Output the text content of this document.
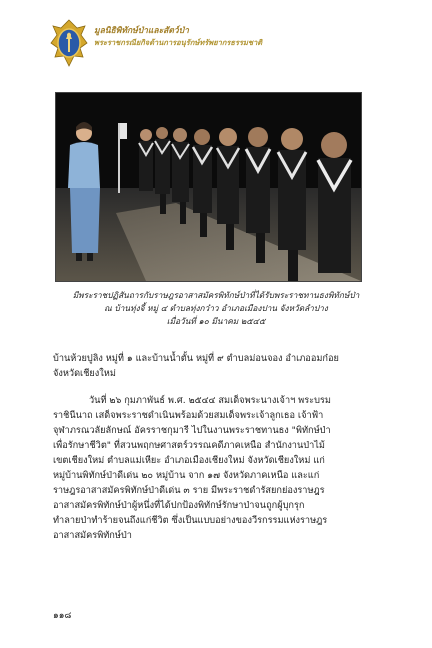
มูลนิธิพิทักษ์ป่าและสัตว์ป่า
พระราชกรณียกิจด้านการอนุรักษ์ทรัพยากรธรรมชาติ
มีพระราชปฏิสันถารกับราษฎรอาสาสมัครพิทักษ์ป่าที่ได้รับพระราชทานธงพิทักษ์ป่า
ณ บ้านทุ่งจี้ หมู่ ๔ ตำบลทุ่งกว๋าว อำเภอเมืองปาน จังหวัดลำปาง
เมื่อวันที่ ๑๐ มีนาคม ๒๕๔๕
บ้านห้วยปูลิง หมู่ที่ ๑ และบ้านน้ำตั้น หมู่ที่ ๙ ตำบลม่อนจอง อำเภออมก๋อย
จังหวัดเชียงใหม่
วันที่ ๒๖ กุมภาพันธ์ พ.ศ. ๒๕๔๔ สมเด็จพระนางเจ้าฯ พระบรม
ราชินีนาถ เสด็จพระราชดำเนินพร้อมด้วยสมเด็จพระเจ้าลูกเธอ เจ้าฟ้า
จุฬาภรณวลัยลักษณ์ อัครราชกุมารี ไปในงานพระราชทานธง "พิทักษ์ป่า
เพื่อรักษาชีวิต" ที่สวนพฤกษศาสตร์วรรณคดีภาคเหนือ สำนักงานป่าไม้
เขตเชียงใหม่ ตำบลแม่เหียะ อำเภอเมืองเชียงใหม่ จังหวัดเชียงใหม่ แก่
หมู่บ้านพิทักษ์ป่าดีเด่น ๒๐ หมู่บ้าน จาก ๑๗ จังหวัดภาคเหนือ และแก่
ราษฎรอาสาสมัครพิทักษ์ป่าดีเด่น ๓ ราย มีพระราชดำรัสยกย่องราษฎร
อาสาสมัครพิทักษ์ป่าผู้หนึ่งที่ได้ปกป้องพิทักษ์รักษาป่าจนถูกผู้บุกรุก
ทำลายป่าทำร้ายจนถึงแก่ชีวิต ซึ่งเป็นแบบอย่างของวีรกรรมแห่งราษฎร
อาสาสมัครพิทักษ์ป่า
๑๑๘
